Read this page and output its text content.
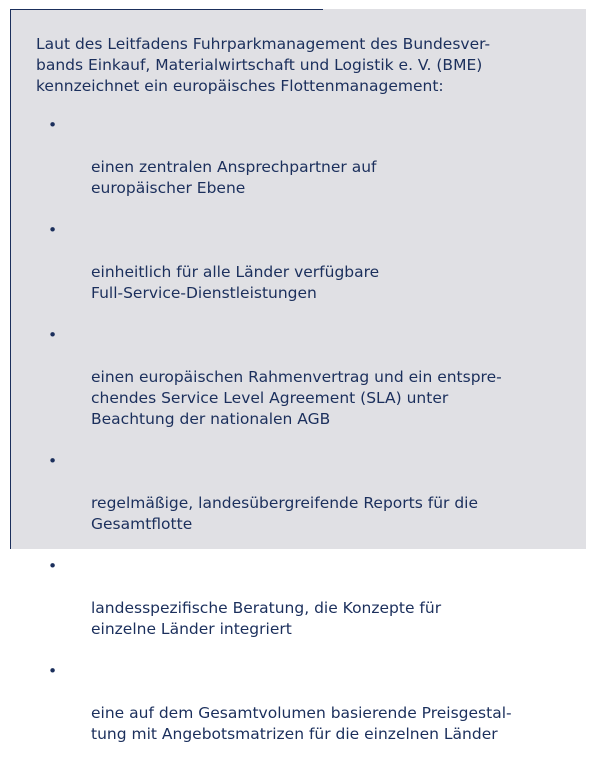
Laut des Leitfadens Fuhrparkmanagement des Bundesver-
bands Einkauf, Materialwirtschaft und Logistik e. V. (BME)
kennzeichnet ein europäisches Flottenmanagement:

•

einen zentralen Ansprechpartner auf
europäischer Ebene

•

einheitlich für alle Länder verfügbare
Full-Service-Dienstleistungen

•

einen europäischen Rahmenvertrag und ein entspre-
chendes Service Level Agreement (SLA) unter
Beachtung der nationalen AGB

•

regelmäßige, landesübergreifende Reports für die
Gesamtflotte

•

landesspezifische Beratung, die Konzepte für
einzelne Länder integriert

•

eine auf dem Gesamtvolumen basierende Preisgestal-
tung mit Angebotsmatrizen für die einzelnen Länder
